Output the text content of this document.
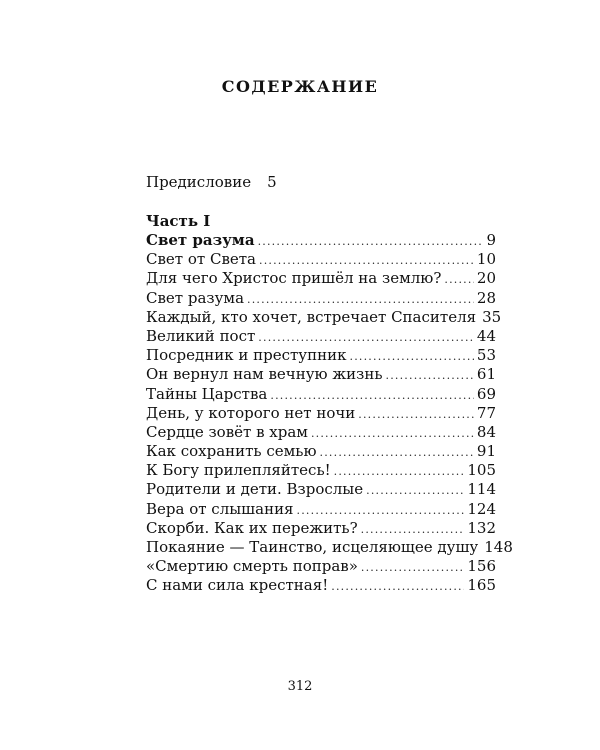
СОДЕРЖАНИЕ
Предисловие 5
Часть I
Свет разума .....	9
Свет от Света .....	10
Для чего Христос пришёл на землю? ..... 20
Свет разума .....	28
Каждый, кто хочет, встречает Спасителя 35
Великий пост .....	44
Посредник и преступник .....	53
Он вернул нам вечную жизнь .....	61
Тайны Царства .....	69
День, у которого нет ночи .....	77
Сердце зовёт в храм .....	84
Как сохранить семью .....	91
К Богу прилепляйтесь! .....	105
Родители и дети. Взрослые .....	114
Вера от слышания .....	124
Скорби. Как их пережить? .....	132
Покаяние — Таинство, исцеляющее душу 148
«Смертию смерть поправ» .....	156
С нами сила крестная! .....	165
312
